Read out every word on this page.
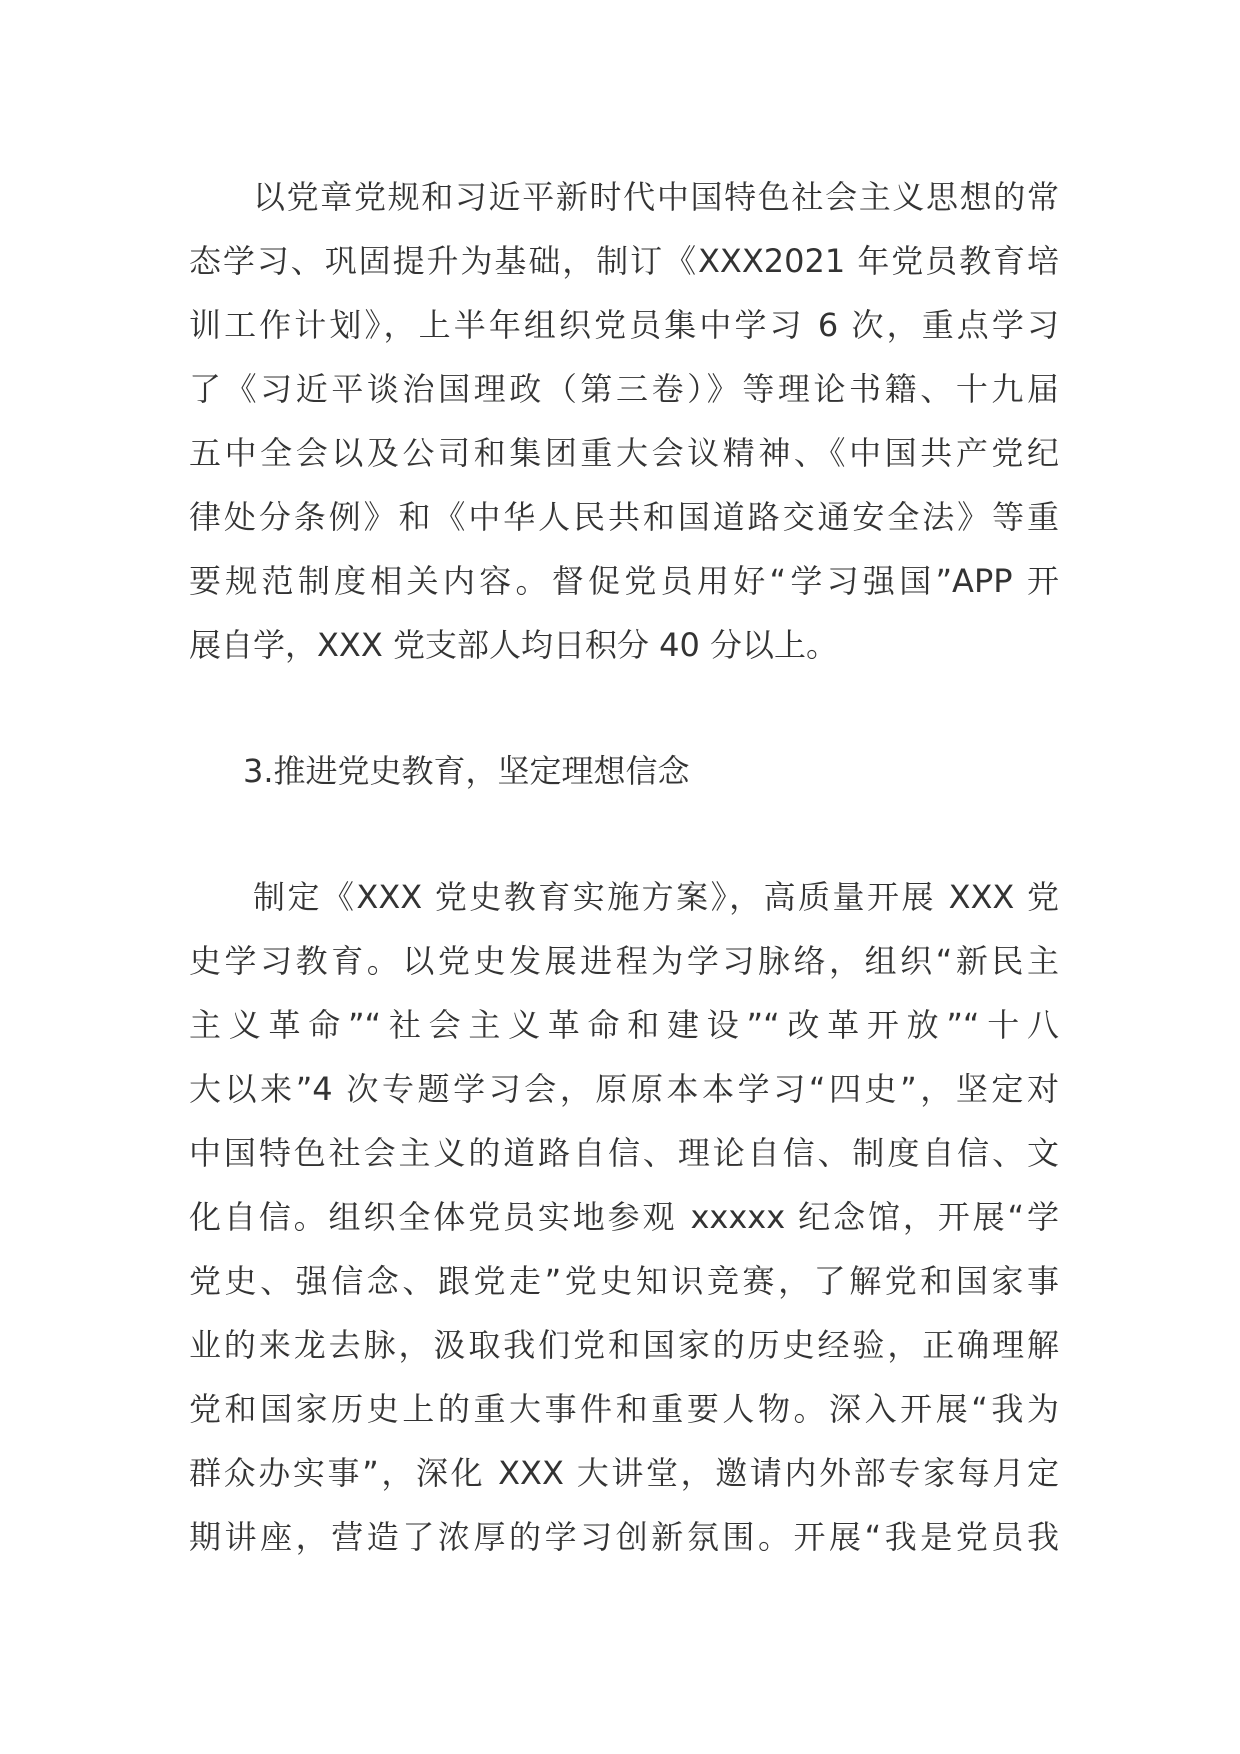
以党章党规和习近平新时代中国特色社会主义思想的常
态学习、巩固提升为基础，制订《XXX2021 年党员教育培
训工作计划》，上半年组织党员集中学习 6 次，重点学习
了《习近平谈治国理政（第三卷）》等理论书籍、十九届
五中全会以及公司和集团重大会议精神、《中国共产党纪
律处分条例》和《中华人民共和国道路交通安全法》等重
要规范制度相关内容。督促党员用好“学习强国”APP 开
展自学，XXX 党支部人均日积分 40 分以上。
3.推进党史教育，坚定理想信念
制定《XXX 党史教育实施方案》，高质量开展 XXX 党
史学习教育。以党史发展进程为学习脉络，组织“新民主
主义革命”“社会主义革命和建设”“改革开放”“十八
大以来”4 次专题学习会，原原本本学习“四史”，坚定对
中国特色社会主义的道路自信、理论自信、制度自信、文
化自信。组织全体党员实地参观 xxxxx 纪念馆，开展“学
党史、强信念、跟党走”党史知识竞赛，了解党和国家事
业的来龙去脉，汲取我们党和国家的历史经验，正确理解
党和国家历史上的重大事件和重要人物。深入开展“我为
群众办实事”，深化 XXX 大讲堂，邀请内外部专家每月定
期讲座，营造了浓厚的学习创新氛围。开展“我是党员我
